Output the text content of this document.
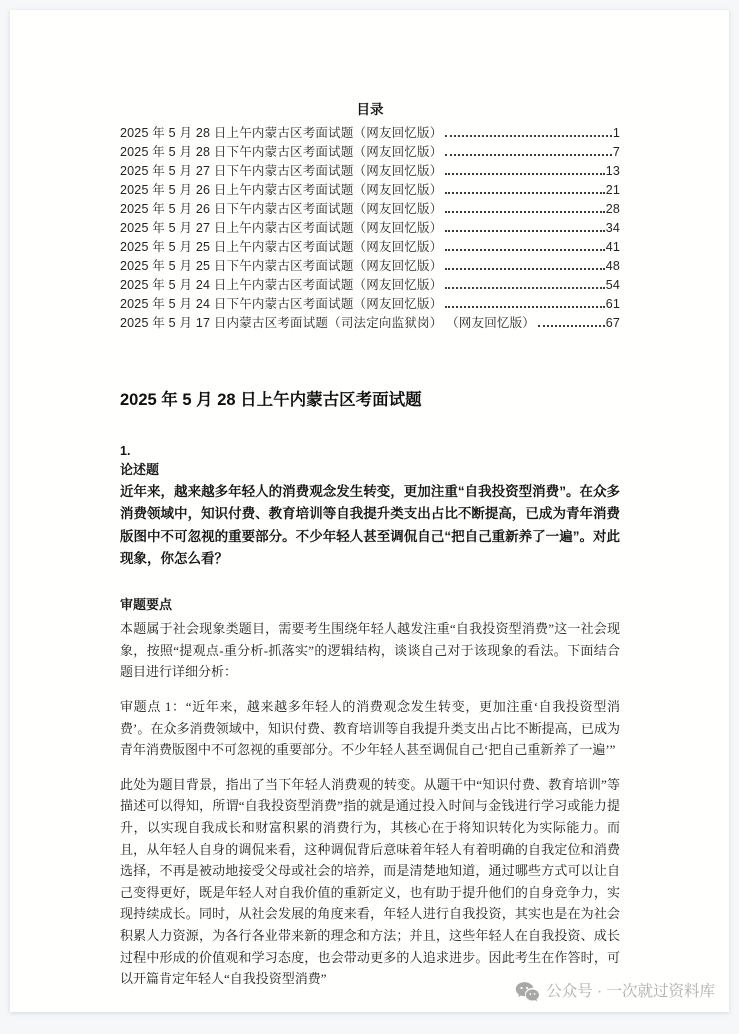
目录
2025 年 5 月 28 日上午内蒙古区考面试题（网友回忆版）	1
2025 年 5 月 28 日下午内蒙古区考面试题（网友回忆版）	7
2025 年 5 月 27 日下午内蒙古区考面试题（网友回忆版）	13
2025 年 5 月 26 日上午内蒙古区考面试题（网友回忆版）	21
2025 年 5 月 26 日下午内蒙古区考面试题（网友回忆版）	28
2025 年 5 月 27 日上午内蒙古区考面试题（网友回忆版）	34
2025 年 5 月 25 日上午内蒙古区考面试题（网友回忆版）	41
2025 年 5 月 25 日下午内蒙古区考面试题（网友回忆版）	48
2025 年 5 月 24 日上午内蒙古区考面试题（网友回忆版）	54
2025 年 5 月 24 日下午内蒙古区考面试题（网友回忆版）	61
2025 年 5 月 17 日内蒙古区考面试题（司法定向监狱岗） （网友回忆版）	67
2025 年 5 月 28 日上午内蒙古区考面试题
1.
论述题

近年来，越来越多年轻人的消费观念发生转变，更加注重“自我投资型消费”。在众多消费领域中，知识付费、教育培训等自我提升类支出占比不断提高，已成为青年消费版图中不可忽视的重要部分。不少年轻人甚至调侃自己“把自己重新养了一遍”。对此现象，你怎么看？

审题要点

本题属于社会现象类题目，需要考生围绕年轻人越发注重“自我投资型消费”这一社会现象，按照“提观点-重分析-抓落实”的逻辑结构，谈谈自己对于该现象的看法。下面结合题目进行详细分析：

审题点 1：“近年来，越来越多年轻人的消费观念发生转变，更加注重‘自我投资型消费’。在众多消费领域中，知识付费、教育培训等自我提升类支出占比不断提高，已成为青年消费版图中不可忽视的重要部分。不少年轻人甚至调侃自己‘把自己重新养了一遍’”

此处为题目背景，指出了当下年轻人消费观的转变。从题干中“知识付费、教育培训”等描述可以得知，所谓“自我投资型消费”指的就是通过投入时间与金钱进行学习或能力提升，以实现自我成长和财富积累的消费行为，其核心在于将知识转化为实际能力。而且，从年轻人自身的调侃来看，这种调侃背后意味着年轻人有着明确的自我定位和消费选择，不再是被动地接受父母或社会的培养，而是清楚地知道，通过哪些方式可以让自己变得更好，既是年轻人对自我价值的重新定义，也有助于提升他们的自身竞争力，实现持续成长。同时，从社会发展的角度来看，年轻人进行自我投资，其实也是在为社会积累人力资源，为各行各业带来新的理念和方法；并且，这些年轻人在自我投资、成长过程中形成的价值观和学习态度，也会带动更多的人追求进步。因此考生在作答时，可以开篇肯定年轻人“自我投资型消费”

公众号 · 一次就过资料库
